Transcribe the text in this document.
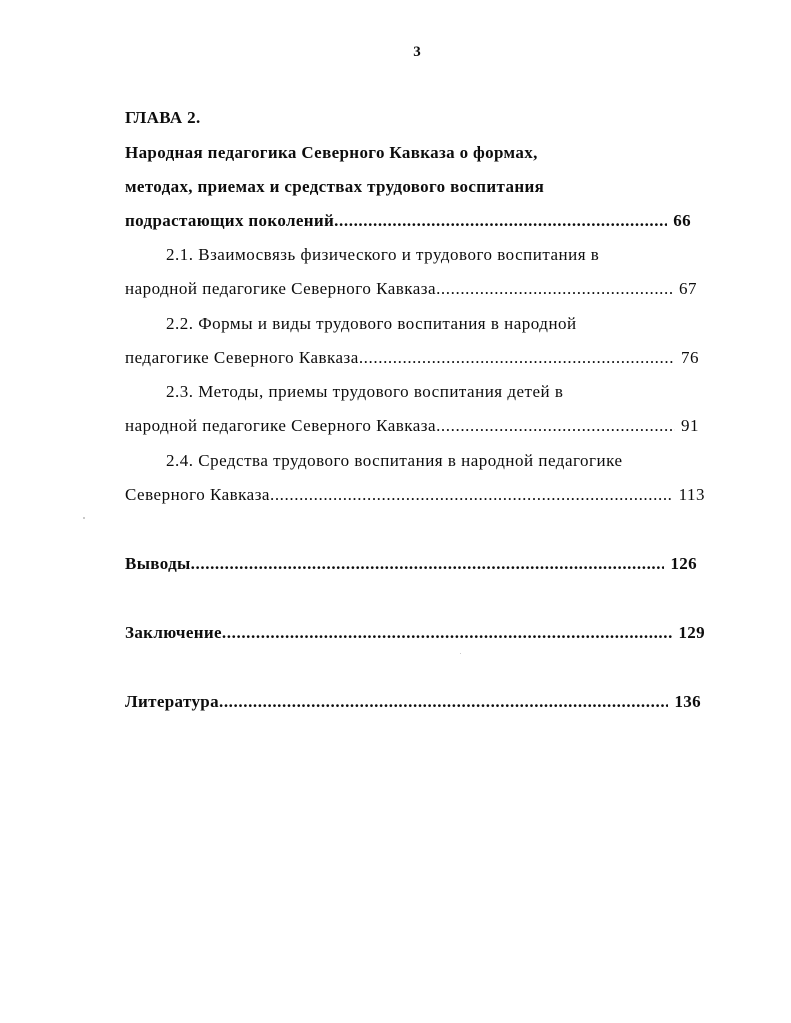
3
ГЛАВА 2.
Народная педагогика Северного Кавказа о формах,
методах, приемах и средствах трудового воспитания
подрастающих поколений .....	66
2.1. Взаимосвязь физического и трудового воспитания в
народной педагогике Северного Кавказа .....	67
2.2. Формы и виды трудового воспитания в народной
педагогике Северного Кавказа .....	76
2.3. Методы, приемы трудового воспитания детей в
народной педагогике Северного Кавказа .....	91
2.4. Средства трудового воспитания в народной педагогике
Северного Кавказа .....	113
Выводы .....	126
Заключение .....	129
Литература .....	136
